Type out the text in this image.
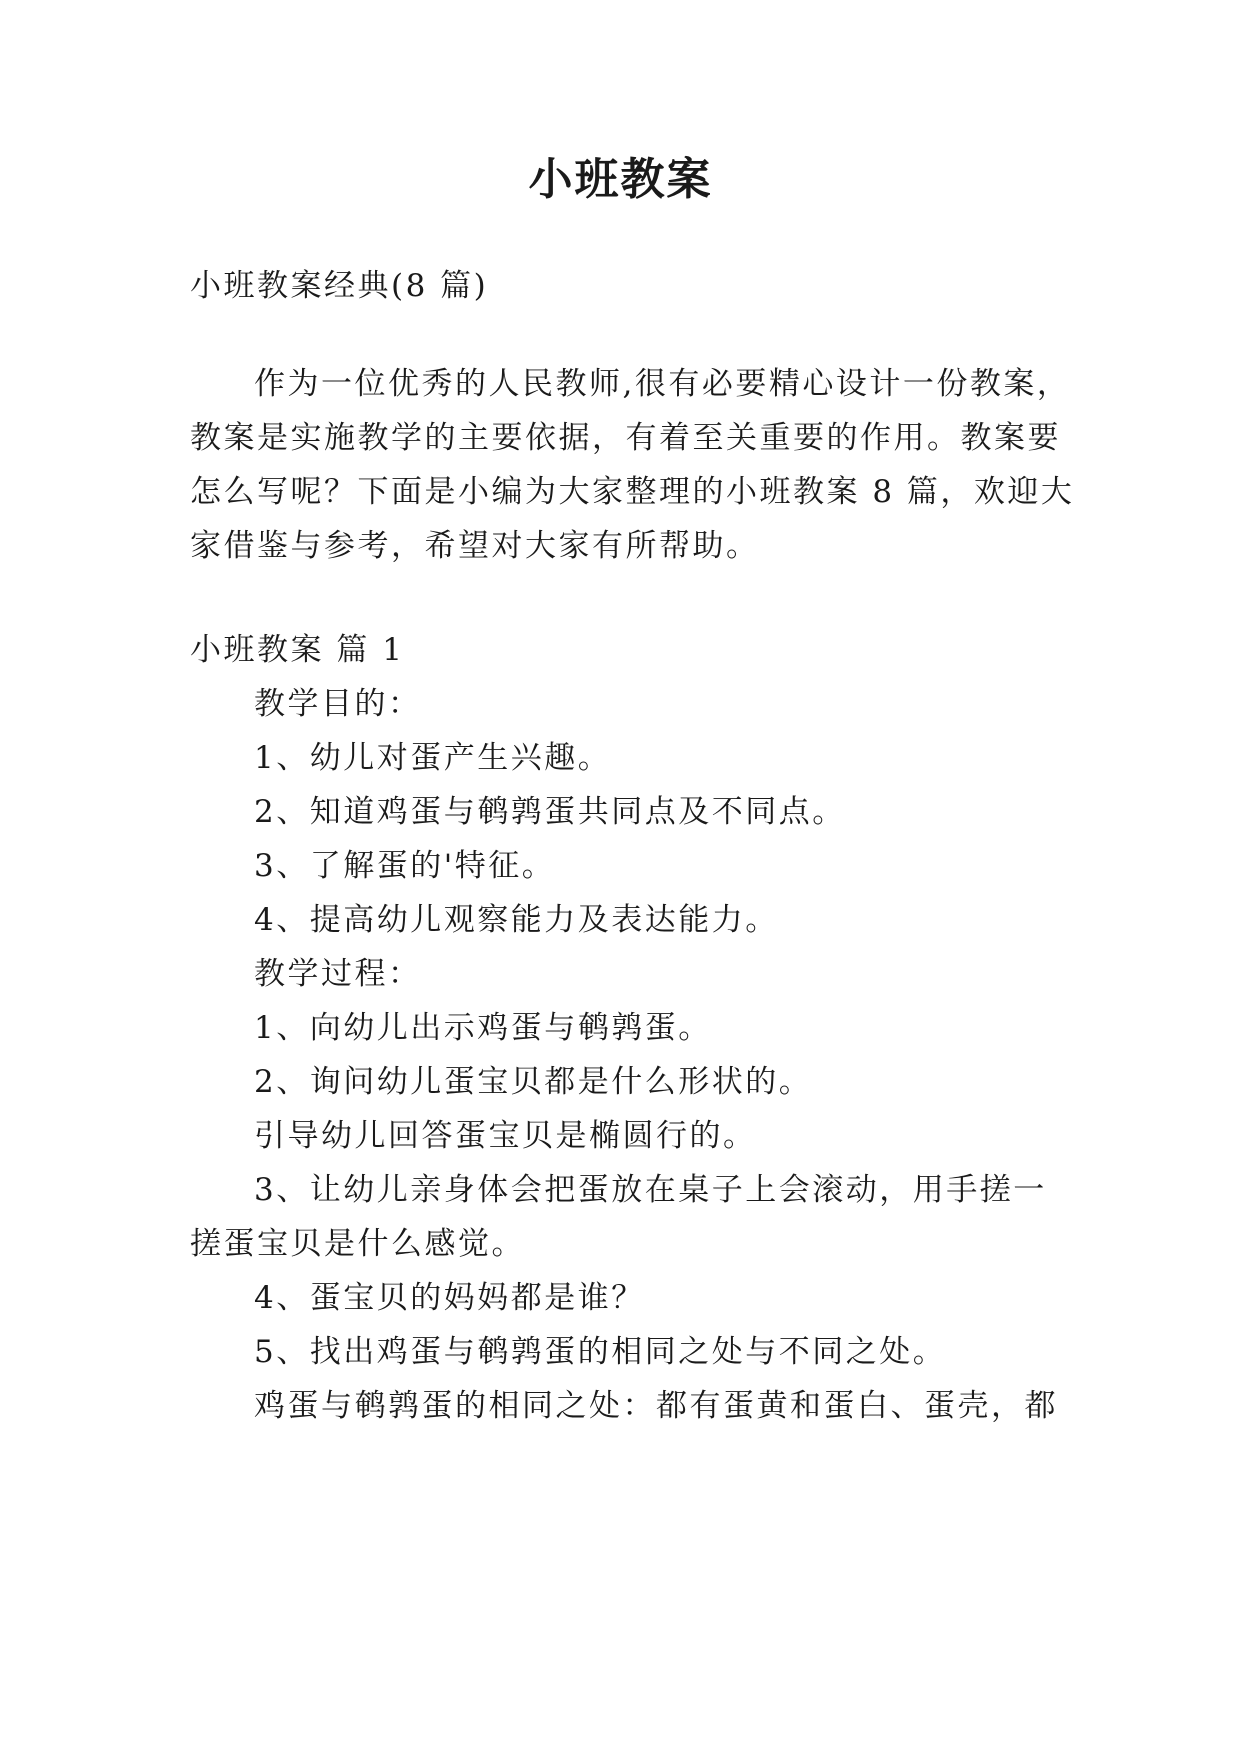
小班教案
小班教案经典(8 篇)
作为一位优秀的人民教师,很有必要精心设计一份教案，
教案是实施教学的主要依据，有着至关重要的作用。教案要
怎么写呢？下面是小编为大家整理的小班教案 8 篇，欢迎大
家借鉴与参考，希望对大家有所帮助。
小班教案 篇 1
教学目的：
1、幼儿对蛋产生兴趣。
2、知道鸡蛋与鹌鹑蛋共同点及不同点。
3、了解蛋的'特征。
4、提高幼儿观察能力及表达能力。
教学过程：
1、向幼儿出示鸡蛋与鹌鹑蛋。
2、询问幼儿蛋宝贝都是什么形状的。
引导幼儿回答蛋宝贝是椭圆行的。
3、让幼儿亲身体会把蛋放在桌子上会滚动，用手搓一
搓蛋宝贝是什么感觉。
4、蛋宝贝的妈妈都是谁？
5、找出鸡蛋与鹌鹑蛋的相同之处与不同之处。
鸡蛋与鹌鹑蛋的相同之处：都有蛋黄和蛋白、蛋壳，都
